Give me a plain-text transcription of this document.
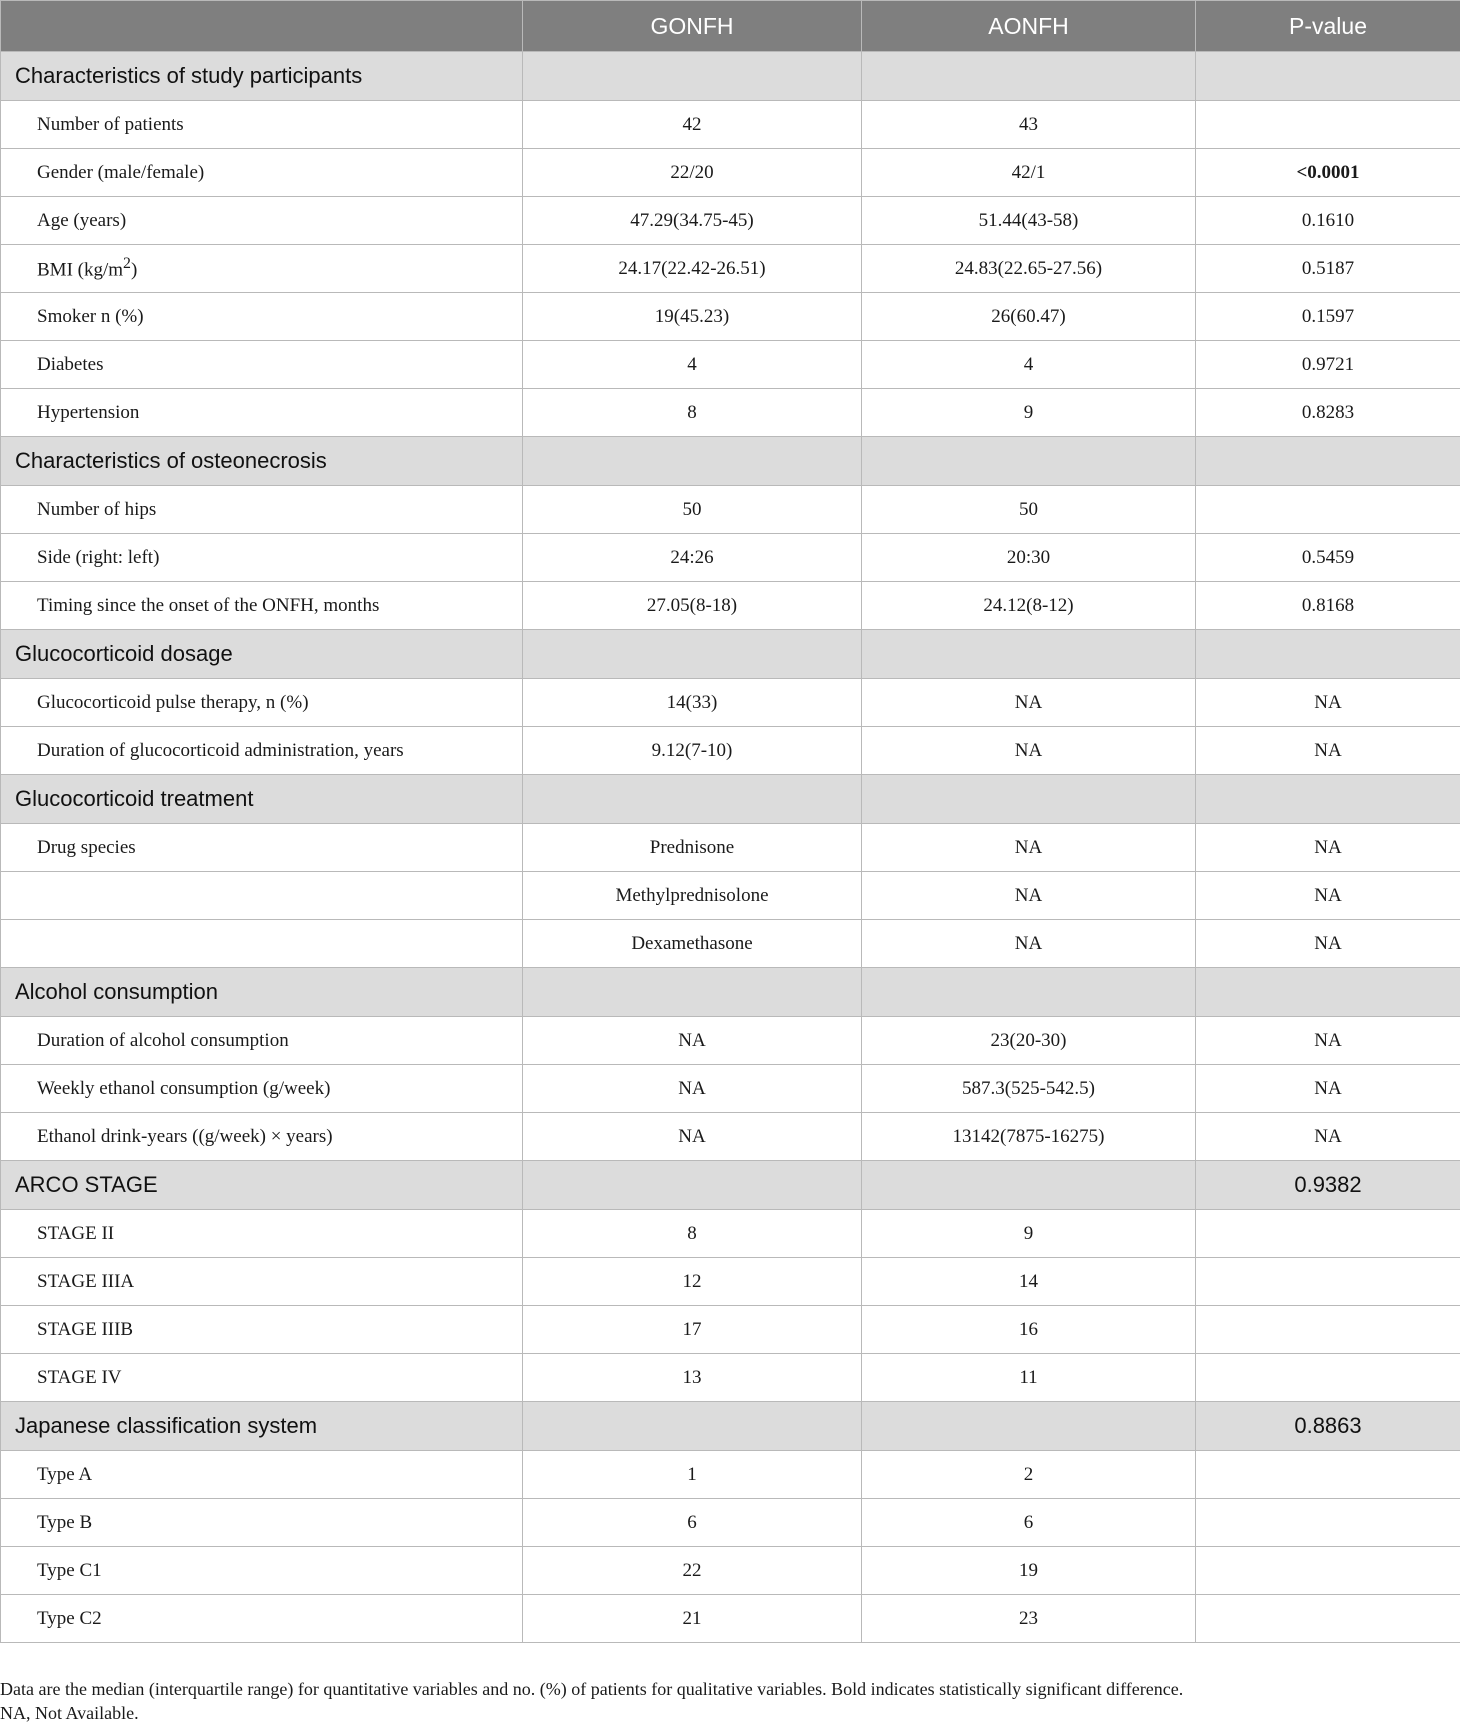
	GONFH	AONFH	P-value
Characteristics of study participants			
Number of patients	42	43	
Gender (male/female)	22/20	42/1	<0.0001
Age (years)	47.29(34.75-45)	51.44(43-58)	0.1610
BMI $(kg/m^2)$	24.17(22.42-26.51)	24.83(22.65-27.56)	0.5187
Smoker n (%)	19(45.23)	26(60.47)	0.1597
Diabetes	4	4	0.9721
Hypertension	8	9	0.8283
Characteristics of osteonecrosis			
Number of hips	50	50	
Side (right: left)	24:26	20:30	0.5459
Timing since the onset of the ONFH, months	27.05(8-18)	24.12(8-12)	0.8168
Glucocorticoid dosage			
Glucocorticoid pulse therapy, n (%)	14(33)	NA	NA
Duration of glucocorticoid administration, years	9.12(7-10)	NA	NA
Glucocorticoid treatment			
Drug species	Prednisone	NA	NA
	Methylprednisolone	NA	NA
	Dexamethasone	NA	NA
Alcohol consumption			
Duration of alcohol consumption	NA	23(20-30)	NA
Weekly ethanol consumption (g/week)	NA	587.3(525-542.5)	NA
Ethanol drink-years ((g/week) × years)	NA	13142(7875-16275)	NA
ARCO STAGE			0.9382
STAGE II	8	9	
STAGE IIIA	12	14	
STAGE IIIB	17	16	
STAGE IV	13	11	
Japanese classification system			0.8863
Type A	1	2	
Type B	6	6	
Type C1	22	19	
Type C2	21	23	
Data are the median (interquartile range) for quantitative variables and no. (%) of patients for qualitative variables. Bold indicates statistically significant difference.
NA, Not Available.
